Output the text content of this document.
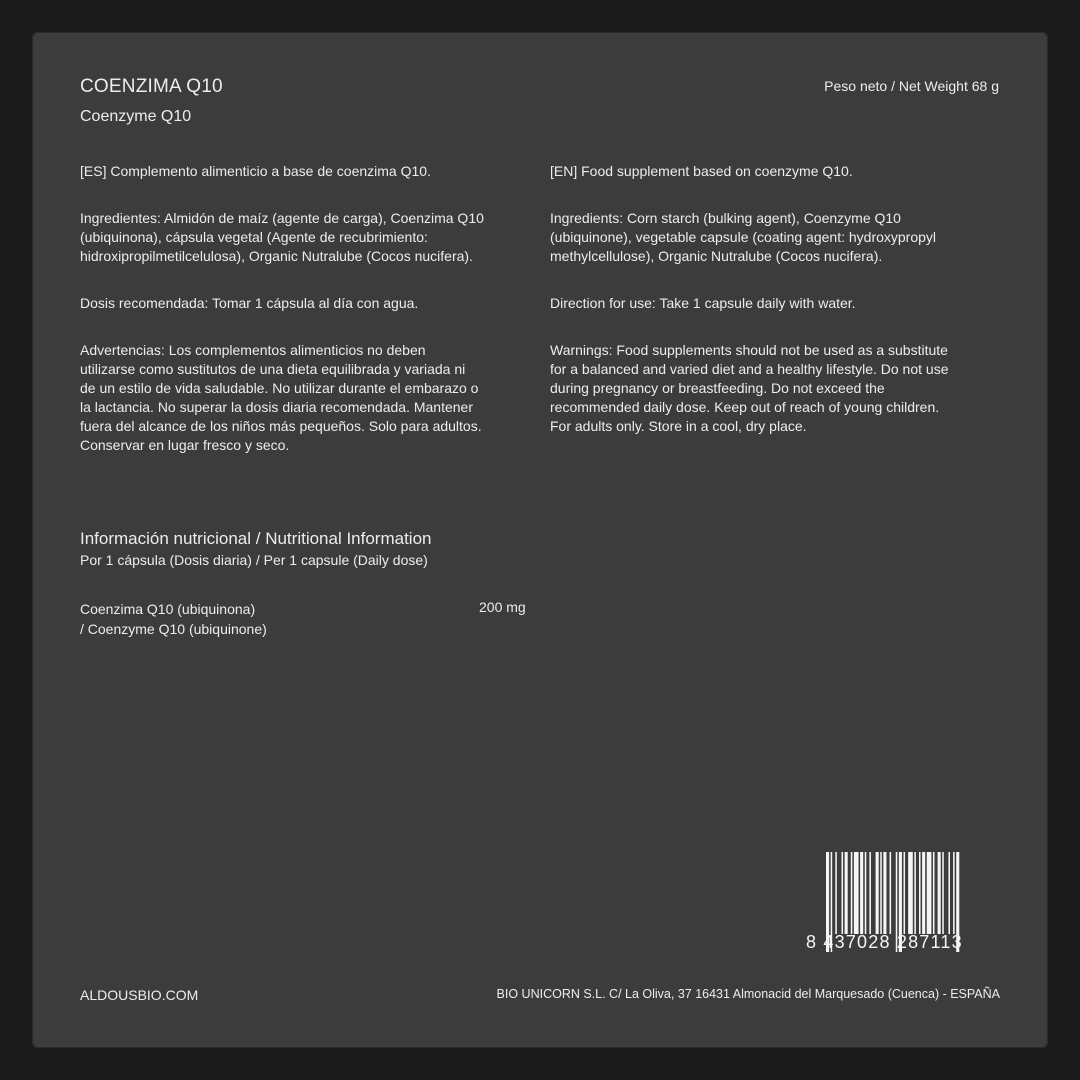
COENZIMA Q10
Coenzyme Q10
Peso neto / Net Weight 68 g
[ES] Complemento alimenticio a base de coenzima Q10.
Ingredientes: Almidón de maíz (agente de carga), Coenzima Q10
(ubiquinona), cápsula vegetal (Agente de recubrimiento:
hidroxipropilmetilcelulosa), Organic Nutralube (Cocos nucifera).
Dosis recomendada: Tomar 1 cápsula al día con agua.
Advertencias: Los complementos alimenticios no deben
utilizarse como sustitutos de una dieta equilibrada y variada ni
de un estilo de vida saludable. No utilizar durante el embarazo o
la lactancia. No superar la dosis diaria recomendada. Mantener
fuera del alcance de los niños más pequeños. Solo para adultos.
Conservar en lugar fresco y seco.
[EN] Food supplement based on coenzyme Q10.
Ingredients: Corn starch (bulking agent), Coenzyme Q10
(ubiquinone), vegetable capsule (coating agent: hydroxypropyl
methylcellulose), Organic Nutralube (Cocos nucifera).
Direction for use: Take 1 capsule daily with water.
Warnings: Food supplements should not be used as a substitute
for a balanced and varied diet and a healthy lifestyle. Do not use
during pregnancy or breastfeeding. Do not exceed the
recommended daily dose. Keep out of reach of young children.
For adults only. Store in a cool, dry place.
Información nutricional / Nutritional Information
Por 1 cápsula (Dosis diaria) / Per 1 capsule (Daily dose)
Coenzima Q10 (ubiquinona)
/ Coenzyme Q10 (ubiquinone)
200 mg
8 437028 287113
ALDOUSBIO.COM	BIO UNICORN S.L. C/ La Oliva, 37 16431 Almonacid del Marquesado (Cuenca) - ESPAÑA
